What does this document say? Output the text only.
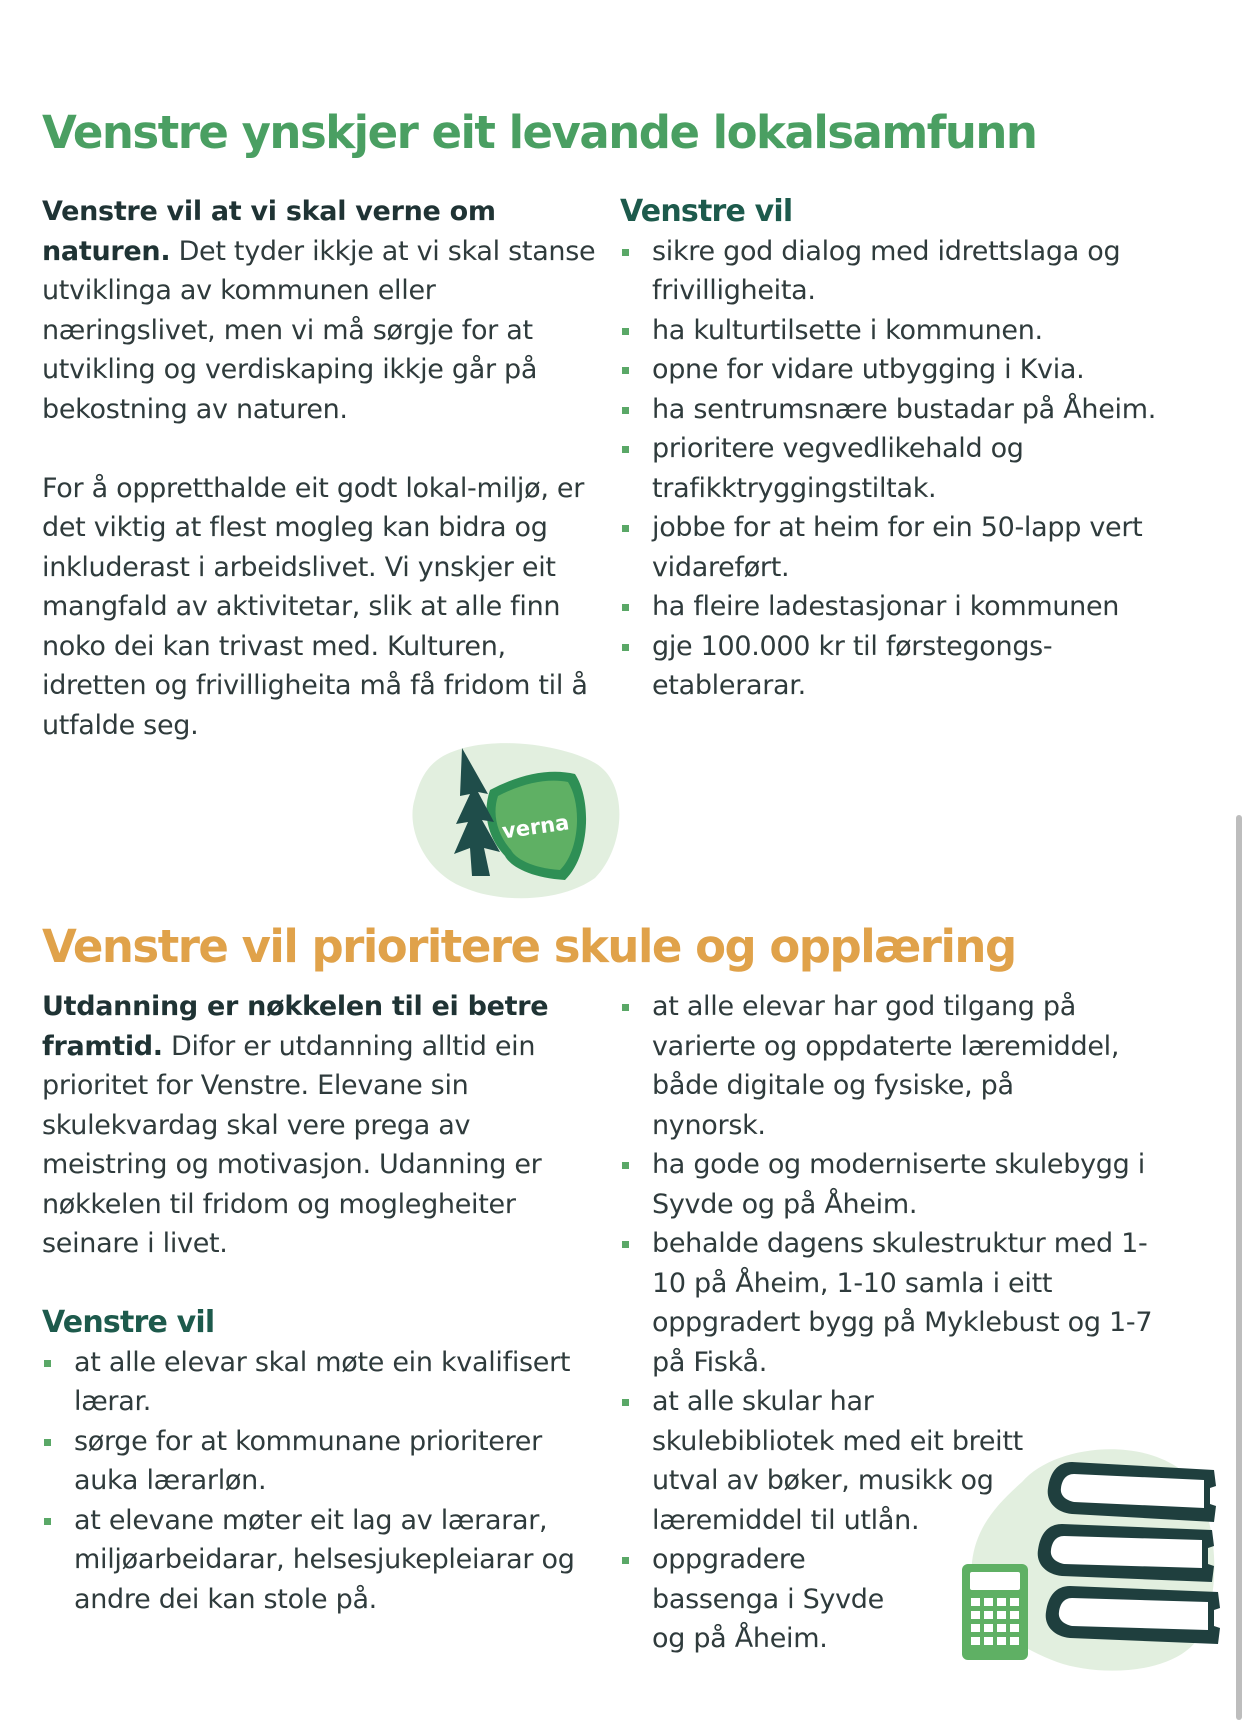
Venstre ynskjer eit levande lokalsamfunn

Venstre vil at vi skal verne om naturen. Det tyder ikkje at vi skal stanse utviklinga av kommunen eller næringslivet, men vi må sørgje for at utvikling og verdiskaping ikkje går på bekostning av naturen.

For å oppretthalde eit godt lokal-miljø, er det viktig at flest mogleg kan bidra og inkluderast i arbeidslivet. Vi ynskjer eit mangfald av aktivitetar, slik at alle finn noko dei kan trivast med. Kulturen, idretten og frivilligheita må få fridom til å utfalde seg.

Venstre vil
sikre god dialog med idrettslaga og frivilligheita.
ha kulturtilsette i kommunen.
opne for vidare utbygging i Kvia.
ha sentrumsnære bustadar på Åheim.
prioritere vegvedlikehald og trafikktryggingstiltak.
jobbe for at heim for ein 50-lapp vert vidareført.
ha fleire ladestasjonar i kommunen
gje 100.000 kr til førstegongs-etablerarar.
verna
Venstre vil prioritere skule og opplæring

Utdanning er nøkkelen til ei betre framtid. Difor er utdanning alltid ein prioritet for Venstre. Elevane sin skulekvardag skal vere prega av meistring og motivasjon. Udanning er nøkkelen til fridom og moglegheiter seinare i livet.

Venstre vil
at alle elevar skal møte ein kvalifisert lærar.
sørge for at kommunane prioriterer auka lærarløn.
at elevane møter eit lag av lærarar, miljøarbeidarar, helsesjukepleiarar og andre dei kan stole på.
at alle elevar har god tilgang på varierte og oppdaterte læremiddel, både digitale og fysiske, på nynorsk.
ha gode og moderniserte skulebygg i Syvde og på Åheim.
behalde dagens skulestruktur med 1-10 på Åheim, 1-10 samla i eitt oppgradert bygg på Myklebust og 1-7 på Fiskå.
at alle skular har skulebibliotek med eit breitt utval av bøker, musikk og læremiddel til utlån.
oppgradere bassenga i Syvde og på Åheim.
